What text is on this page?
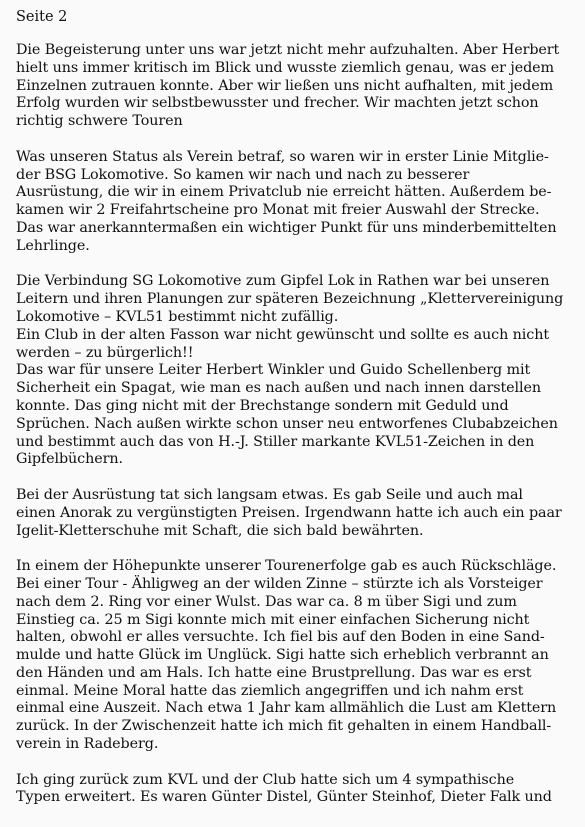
Seite 2
Die Begeisterung unter uns war jetzt nicht mehr aufzuhalten. Aber Herbert
hielt uns immer kritisch im Blick und wusste ziemlich genau, was er jedem
Einzelnen zutrauen konnte. Aber wir ließen uns nicht aufhalten, mit jedem
Erfolg wurden wir selbstbewusster und frecher. Wir machten jetzt schon
richtig schwere Touren
Was unseren Status als Verein betraf, so waren wir in erster Linie Mitglie-
der BSG Lokomotive. So kamen wir nach und nach zu besserer
Ausrüstung, die wir in einem Privatclub nie erreicht hätten. Außerdem be-
kamen wir 2 Freifahrtscheine pro Monat mit freier Auswahl der Strecke.
Das war anerkanntermaßen ein wichtiger Punkt für uns minderbemittelten
Lehrlinge.
Die Verbindung SG Lokomotive zum Gipfel Lok in Rathen war bei unseren
Leitern und ihren Planungen zur späteren Bezeichnung „Klettervereinigung
Lokomotive – KVL51 bestimmt nicht zufällig.
Ein Club in der alten Fasson war nicht gewünscht und sollte es auch nicht
werden – zu bürgerlich!!
Das war für unsere Leiter Herbert Winkler und Guido Schellenberg mit
Sicherheit ein Spagat, wie man es nach außen und nach innen darstellen
konnte. Das ging nicht mit der Brechstange sondern mit Geduld und
Sprüchen. Nach außen wirkte schon unser neu entworfenes Clubabzeichen
und bestimmt auch das von H.-J. Stiller markante KVL51-Zeichen in den
Gipfelbüchern.
Bei der Ausrüstung tat sich langsam etwas. Es gab Seile und auch mal
einen Anorak zu vergünstigten Preisen. Irgendwann hatte ich auch ein paar
Igelit-Kletterschuhe mit Schaft, die sich bald bewährten.
In einem der Höhepunkte unserer Tourenerfolge gab es auch Rückschläge.
Bei einer Tour - Ähligweg an der wilden Zinne – stürzte ich als Vorsteiger
nach dem 2. Ring vor einer Wulst. Das war ca. 8 m über Sigi und zum
Einstieg ca. 25 m Sigi konnte mich mit einer einfachen Sicherung nicht
halten, obwohl er alles versuchte. Ich fiel bis auf den Boden in eine Sand-
mulde und hatte Glück im Unglück. Sigi hatte sich erheblich verbrannt an
den Händen und am Hals. Ich hatte eine Brustprellung. Das war es erst
einmal. Meine Moral hatte das ziemlich angegriffen und ich nahm erst
einmal eine Auszeit. Nach etwa 1 Jahr kam allmählich die Lust am Klettern
zurück. In der Zwischenzeit hatte ich mich fit gehalten in einem Handball-
verein in Radeberg.
Ich ging zurück zum KVL und der Club hatte sich um 4 sympathische
Typen erweitert. Es waren Günter Distel, Günter Steinhof, Dieter Falk und
